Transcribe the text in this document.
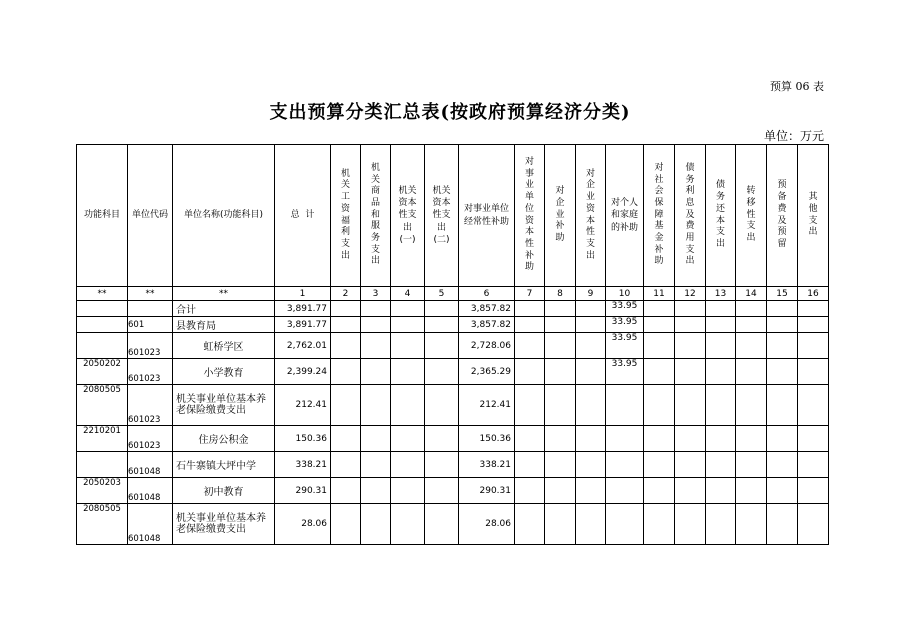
预算 06 表
支出预算分类汇总表(按政府预算经济分类)
单位：万元
功能科目	单位代码	单位名称(功能科目)	总  计	机关工资福利支出	机关商品和服务支出	机关资本性支出(一)	机关资本性支出(二)	对事业单位经常性补助	对事业单位资本性补助	对企业补助	对企业资本性支出	对个人和家庭的补助	对社会保障基金补助	债务利息及费用支出	债务还本支出	转移性支出	预备费及预留	其他支出

**	**	**	1	2	3	4	5	6	7	8	9	10	11	12	13	14	15	16
		合计	3,891.77					3,857.82				33.95						
	601	县教育局	3,891.77					3,857.82				33.95						
	601023	虹桥学区	2,762.01					2,728.06				33.95						
2050202	601023	小学教育	2,399.24					2,365.29				33.95						
2080505	601023	机关事业单位基本养老保险缴费支出	212.41					212.41										
2210201	601023	住房公积金	150.36					150.36										
	601048	石牛寨镇大坪中学	338.21					338.21										
2050203	601048	初中教育	290.31					290.31										
2080505	601048	机关事业单位基本养老保险缴费支出	28.06					28.06										
